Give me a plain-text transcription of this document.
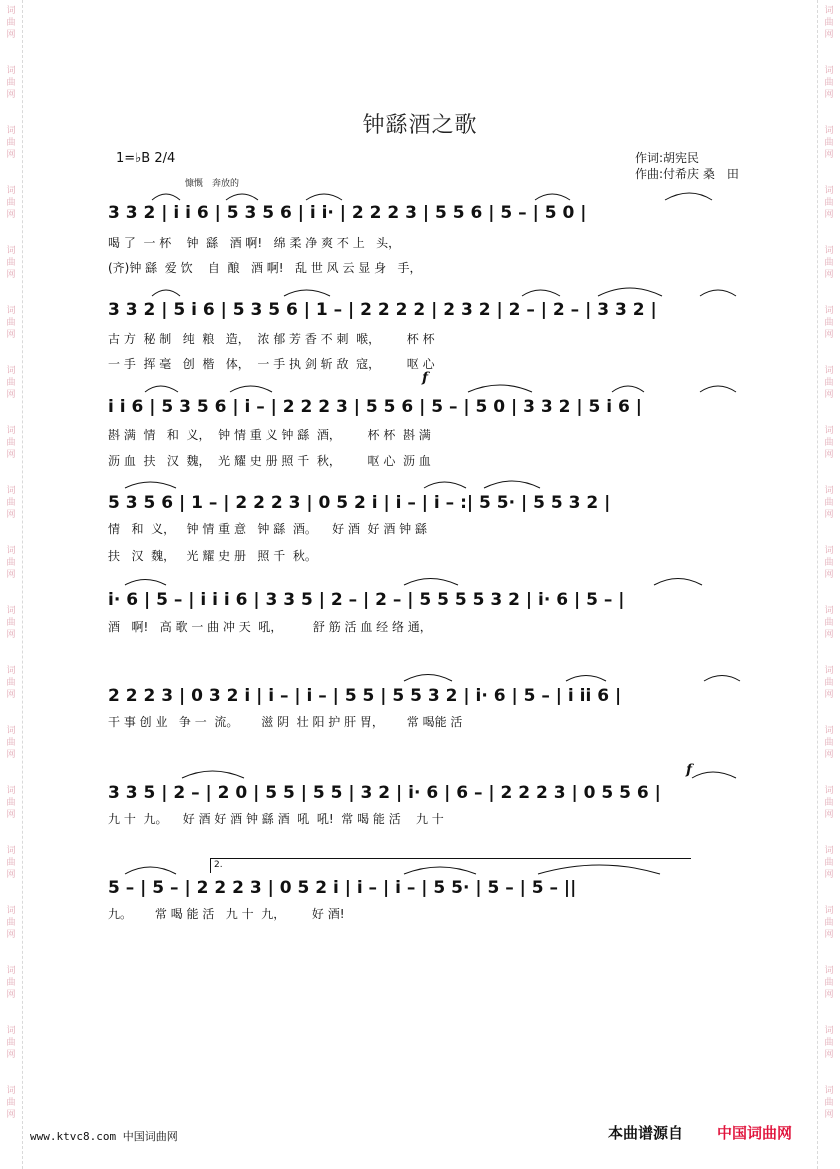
词曲网
词曲网
词曲网
词曲网
词曲网
词曲网
词曲网
词曲网
词曲网
词曲网
词曲网
词曲网
词曲网
词曲网
词曲网
词曲网
词曲网
词曲网
词曲网
词曲网
词曲网
词曲网
词曲网
词曲网
词曲网
词曲网
词曲网
词曲网
词曲网
词曲网
词曲网
词曲网
词曲网
词曲网
词曲网
词曲网
词曲网
词曲网
钟繇酒之歌
1=♭B 2/4
慷慨　奔放的
作词:胡宪民
作曲:付希庆 桑　田
3 3 2 | i i 6 | 5 3 5 6 | i i· | 2 2 2 3 | 5 5 6 | 5 – | 5 0 |
喝 了  一 杯    钟  繇   酒 啊!   绵 柔 净 爽 不 上   头，
(齐)钟 繇  爱 饮    自  酿   酒 啊!   乱 世 风 云 显 身   手，
3 3 2 | 5 i 6 | 5 3 5 6 | 1 – | 2 2 2 2 | 2 3 2 | 2 – | 2 – | 3 3 2 |
古 方  秘 制   纯  粮   造，  浓 郁 芳 香 不 刺  喉，       杯 杯
一 手  挥 毫   创  楷   体，  一 手 执 剑 斩 敌  寇，       呕 心
f
i i 6 | 5 3 5 6 | i – | 2 2 2 3 | 5 5 6 | 5 – | 5 0 | 3 3 2 | 5 i 6 |
斟 满  情   和  义，  钟 情 重 义 钟 繇  酒，       杯 杯  斟 满
沥 血  扶   汉  魏，  光 耀 史 册 照 千  秋，       呕 心  沥 血
5 3 5 6 | 1 – | 2 2 2 3 | 0 5 2 i | i – | i – :| 5 5· | 5 5 3 2 |
情   和  义，   钟 情 重 意   钟 繇  酒。    好 酒  好 酒 钟 繇
扶   汉  魏，   光 耀 史 册   照 千  秋。
i· 6 | 5 – | i i i 6 | 3 3 5 | 2 – | 2 – | 5 5 5 5 3 2 | i· 6 | 5 – |
酒   啊!   高 歌 一 曲 冲 天  吼，        舒 筋 活 血 经 络 通，
2 2 2 3 | 0 3 2 i | i – | i – | 5 5 | 5 5 3 2 | i· 6 | 5 – | i ii 6 |
干 事 创 业   争 一  流。      滋 阴  壮 阳 护 肝 胃，      常 喝能 活
f
3 3 5 | 2 – | 2 0 | 5 5 | 5 5 | 3 2 | i· 6 | 6 – | 2 2 2 3 | 0 5 5 6 |
九 十  九。    好 酒 好 酒 钟 繇 酒  吼  吼!  常 喝 能 活    九 十
5 – | 5 – | 2 2 2 3 | 0 5 2 i | i – | i – | 5 5· | 5 – | 5 – ||
九。      常 喝 能 活   九 十  九，       好 酒!
2.
www.ktvc8.com 中国词曲网	本曲谱源自 中国词曲网
